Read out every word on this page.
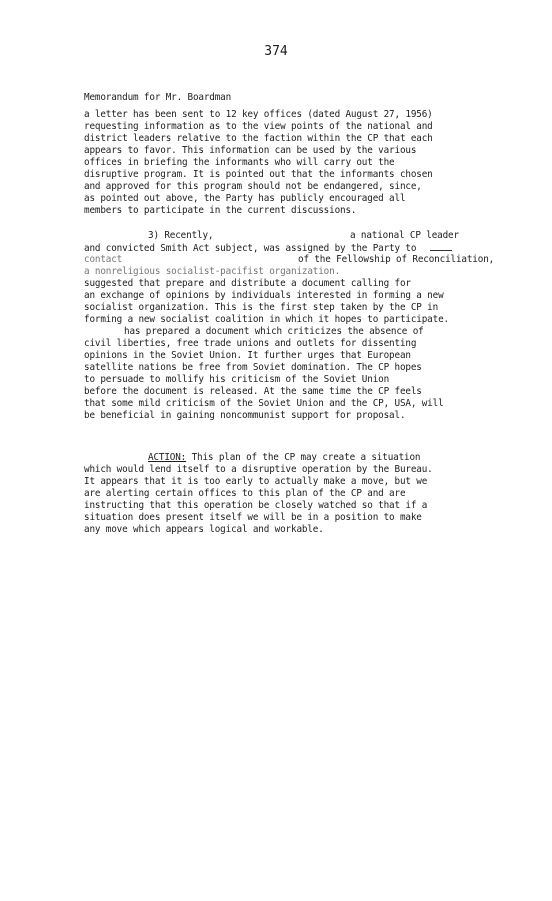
374
Memorandum for Mr. Boardman
a letter has been sent to 12 key offices (dated August 27, 1956)
requesting information as to the view points of the national and
district leaders relative to the faction within the CP that each
appears to favor. This information can be used by the various
offices in briefing the informants who will carry out the
disruptive program. It is pointed out that the informants chosen
and approved for this program should not be endangered, since,
as pointed out above, the Party has publicly encouraged all
members to participate in the current discussions.
3) Recently,	a national CP leader
and convicted Smith Act subject, was assigned by the Party to
contact	of the Fellowship of Reconciliation,
a nonreligious socialist-pacifist organization.
suggested that prepare and distribute a document calling for
an exchange of opinions by individuals interested in forming a new
socialist organization. This is the first step taken by the CP in
forming a new socialist coalition in which it hopes to participate.
has prepared a document which criticizes the absence of
civil liberties, free trade unions and outlets for dissenting
opinions in the Soviet Union. It further urges that European
satellite nations be free from Soviet domination. The CP hopes
to persuade to mollify his criticism of the Soviet Union
before the document is released. At the same time the CP feels
that some mild criticism of the Soviet Union and the CP, USA, will
be beneficial in gaining noncommunist support for proposal.
ACTION: This plan of the CP may create a situation
which would lend itself to a disruptive operation by the Bureau.
It appears that it is too early to actually make a move, but we
are alerting certain offices to this plan of the CP and are
instructing that this operation be closely watched so that if a
situation does present itself we will be in a position to make
any move which appears logical and workable.
